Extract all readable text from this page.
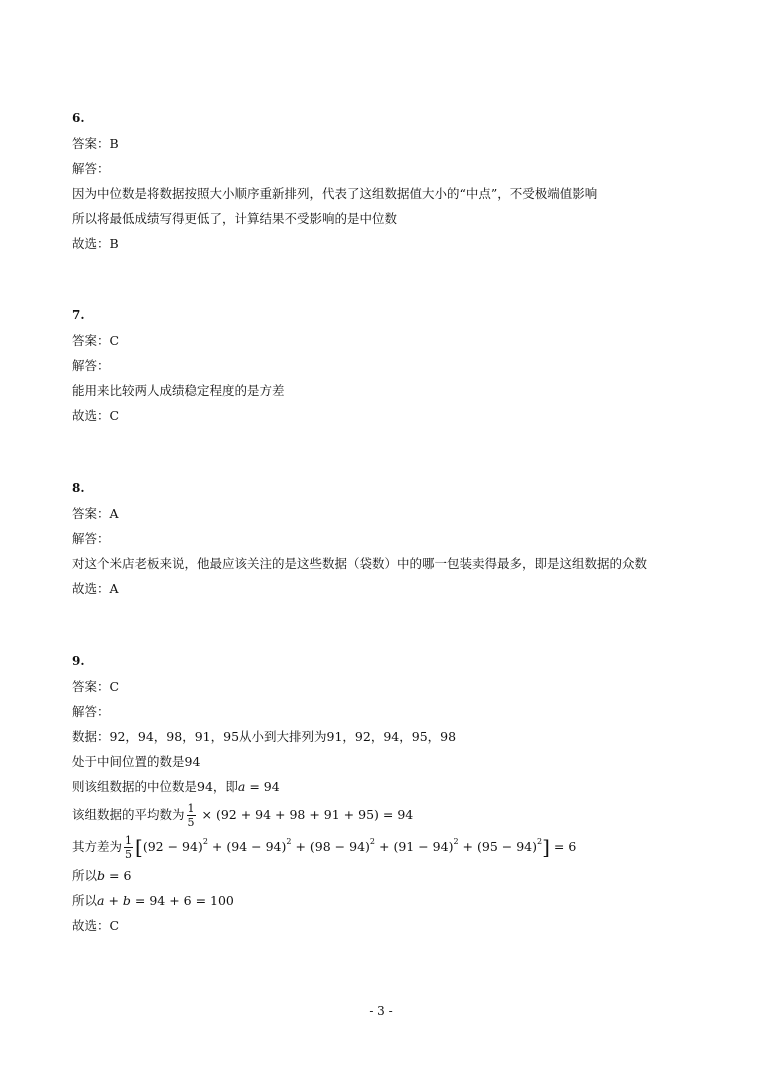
6.
答案：B
解答：
因为中位数是将数据按照大小顺序重新排列，代表了这组数据值大小的“中点”，不受极端值影响
所以将最低成绩写得更低了，计算结果不受影响的是中位数
故选：B
7.
答案：C
解答：
能用来比较两人成绩稳定程度的是方差
故选：C
8.
答案：A
解答：
对这个米店老板来说，他最应该关注的是这些数据（袋数）中的哪一包装卖得最多，即是这组数据的众数
故选：A
9.
答案：C
解答：
数据：92，94，98，91，95从小到大排列为91，92，94，95，98
处于中间位置的数是94
则该组数据的中位数是94，即a = 94
该组数据的平均数为 $\frac{1}{5} \times (92 + 94 + 98 + 91 + 95) = 94$
其方差为 $\frac{1}{5} [(92 - 94)^2 + (94 - 94)^2 + (98 - 94)^2 + (91 - 94)^2 + (95 - 94)^2] = 6$
所以b = 6
所以a + b = 94 + 6 = 100
故选：C
- 3 -
